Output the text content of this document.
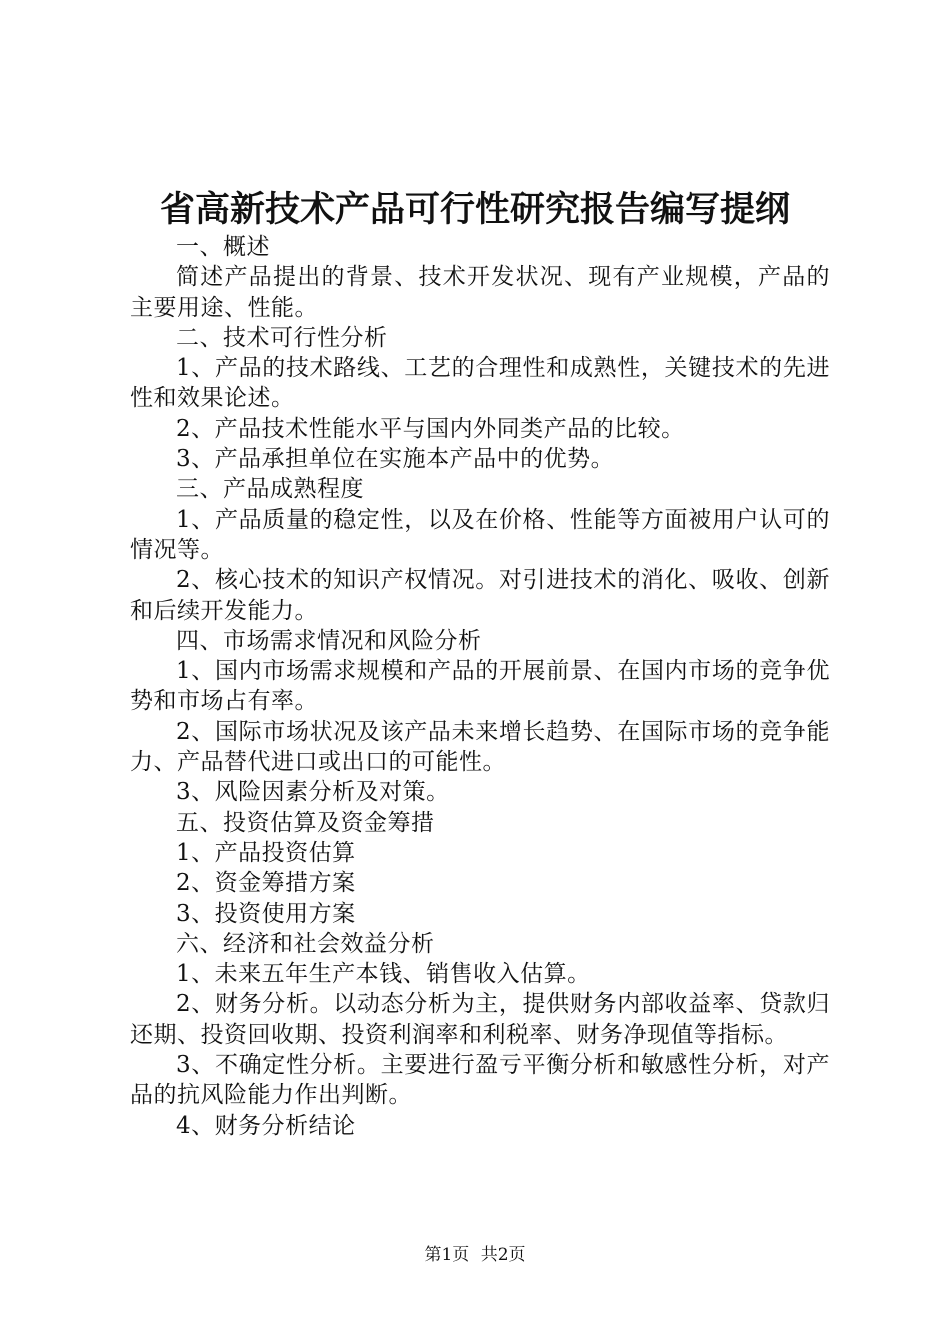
省高新技术产品可行性研究报告编写提纲

一、概述

简述产品提出的背景、技术开发状况、现有产业规模，产品的主要用途、性能。

二、技术可行性分析

1、产品的技术路线、工艺的合理性和成熟性，关键技术的先进性和效果论述。

2、产品技术性能水平与国内外同类产品的比较。

3、产品承担单位在实施本产品中的优势。

三、产品成熟程度

1、产品质量的稳定性，以及在价格、性能等方面被用户认可的情况等。

2、核心技术的知识产权情况。对引进技术的消化、吸收、创新和后续开发能力。

四、市场需求情况和风险分析

1、国内市场需求规模和产品的开展前景、在国内市场的竞争优势和市场占有率。

2、国际市场状况及该产品未来增长趋势、在国际市场的竞争能力、产品替代进口或出口的可能性。

3、风险因素分析及对策。

五、投资估算及资金筹措

1、产品投资估算

2、资金筹措方案

3、投资使用方案

六、经济和社会效益分析

1、未来五年生产本钱、销售收入估算。

2、财务分析。以动态分析为主，提供财务内部收益率、贷款归还期、投资回收期、投资利润率和利税率、财务净现值等指标。

3、不确定性分析。主要进行盈亏平衡分析和敏感性分析，对产品的抗风险能力作出判断。

4、财务分析结论

第1页 共2页
